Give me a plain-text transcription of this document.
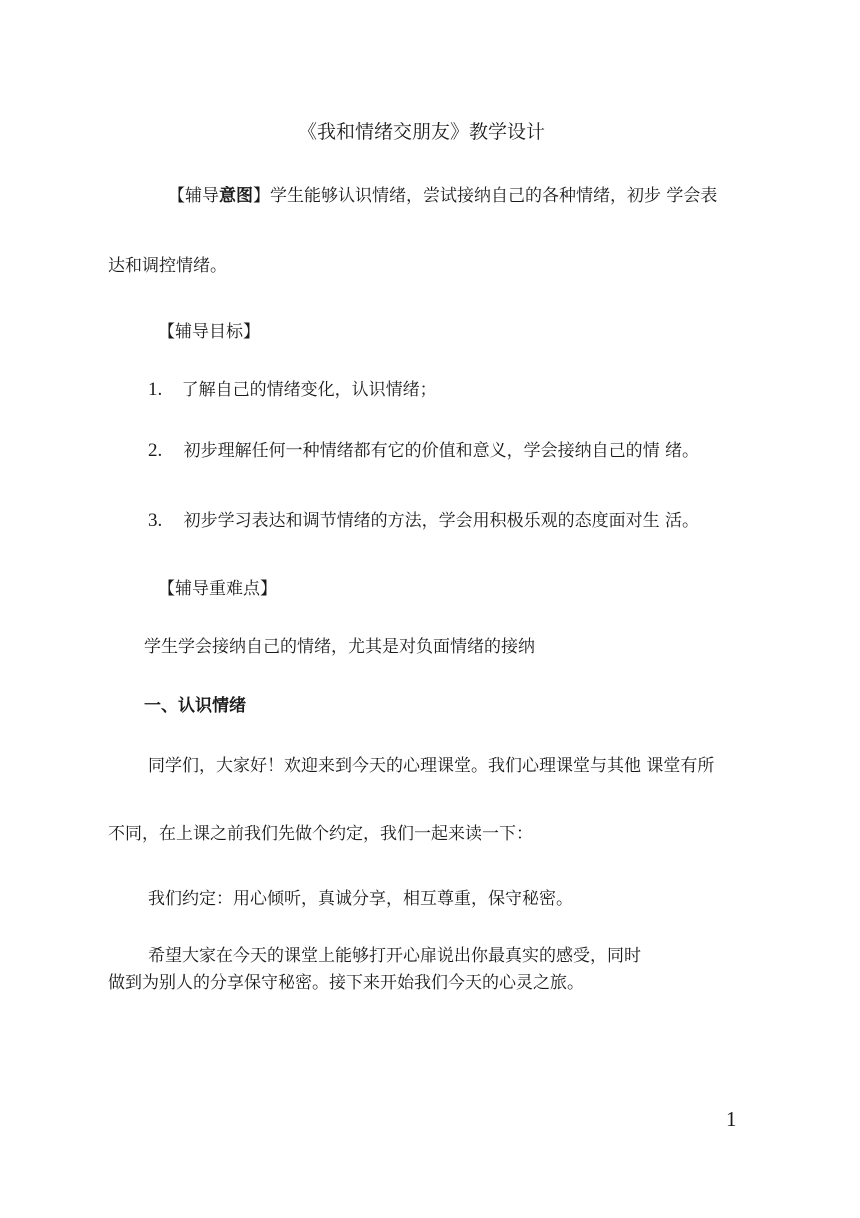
《我和情绪交朋友》教学设计
【辅导意图】学生能够认识情绪，尝试接纳自己的各种情绪，初步 学会表
达和调控情绪。
【辅导目标】
1. 了解自己的情绪变化，认识情绪；
2. 初步理解任何一种情绪都有它的价值和意义，学会接纳自己的情 绪。
3. 初步学习表达和调节情绪的方法，学会用积极乐观的态度面对生 活。
【辅导重难点】
学生学会接纳自己的情绪，尤其是对负面情绪的接纳
一、认识情绪
同学们，大家好！欢迎来到今天的心理课堂。我们心理课堂与其他 课堂有所
不同，在上课之前我们先做个约定，我们一起来读一下：
我们约定：用心倾听，真诚分享，相互尊重，保守秘密。
希望大家在今天的课堂上能够打开心扉说出你最真实的感受，同时
做到为别人的分享保守秘密。接下来开始我们今天的心灵之旅。
1
